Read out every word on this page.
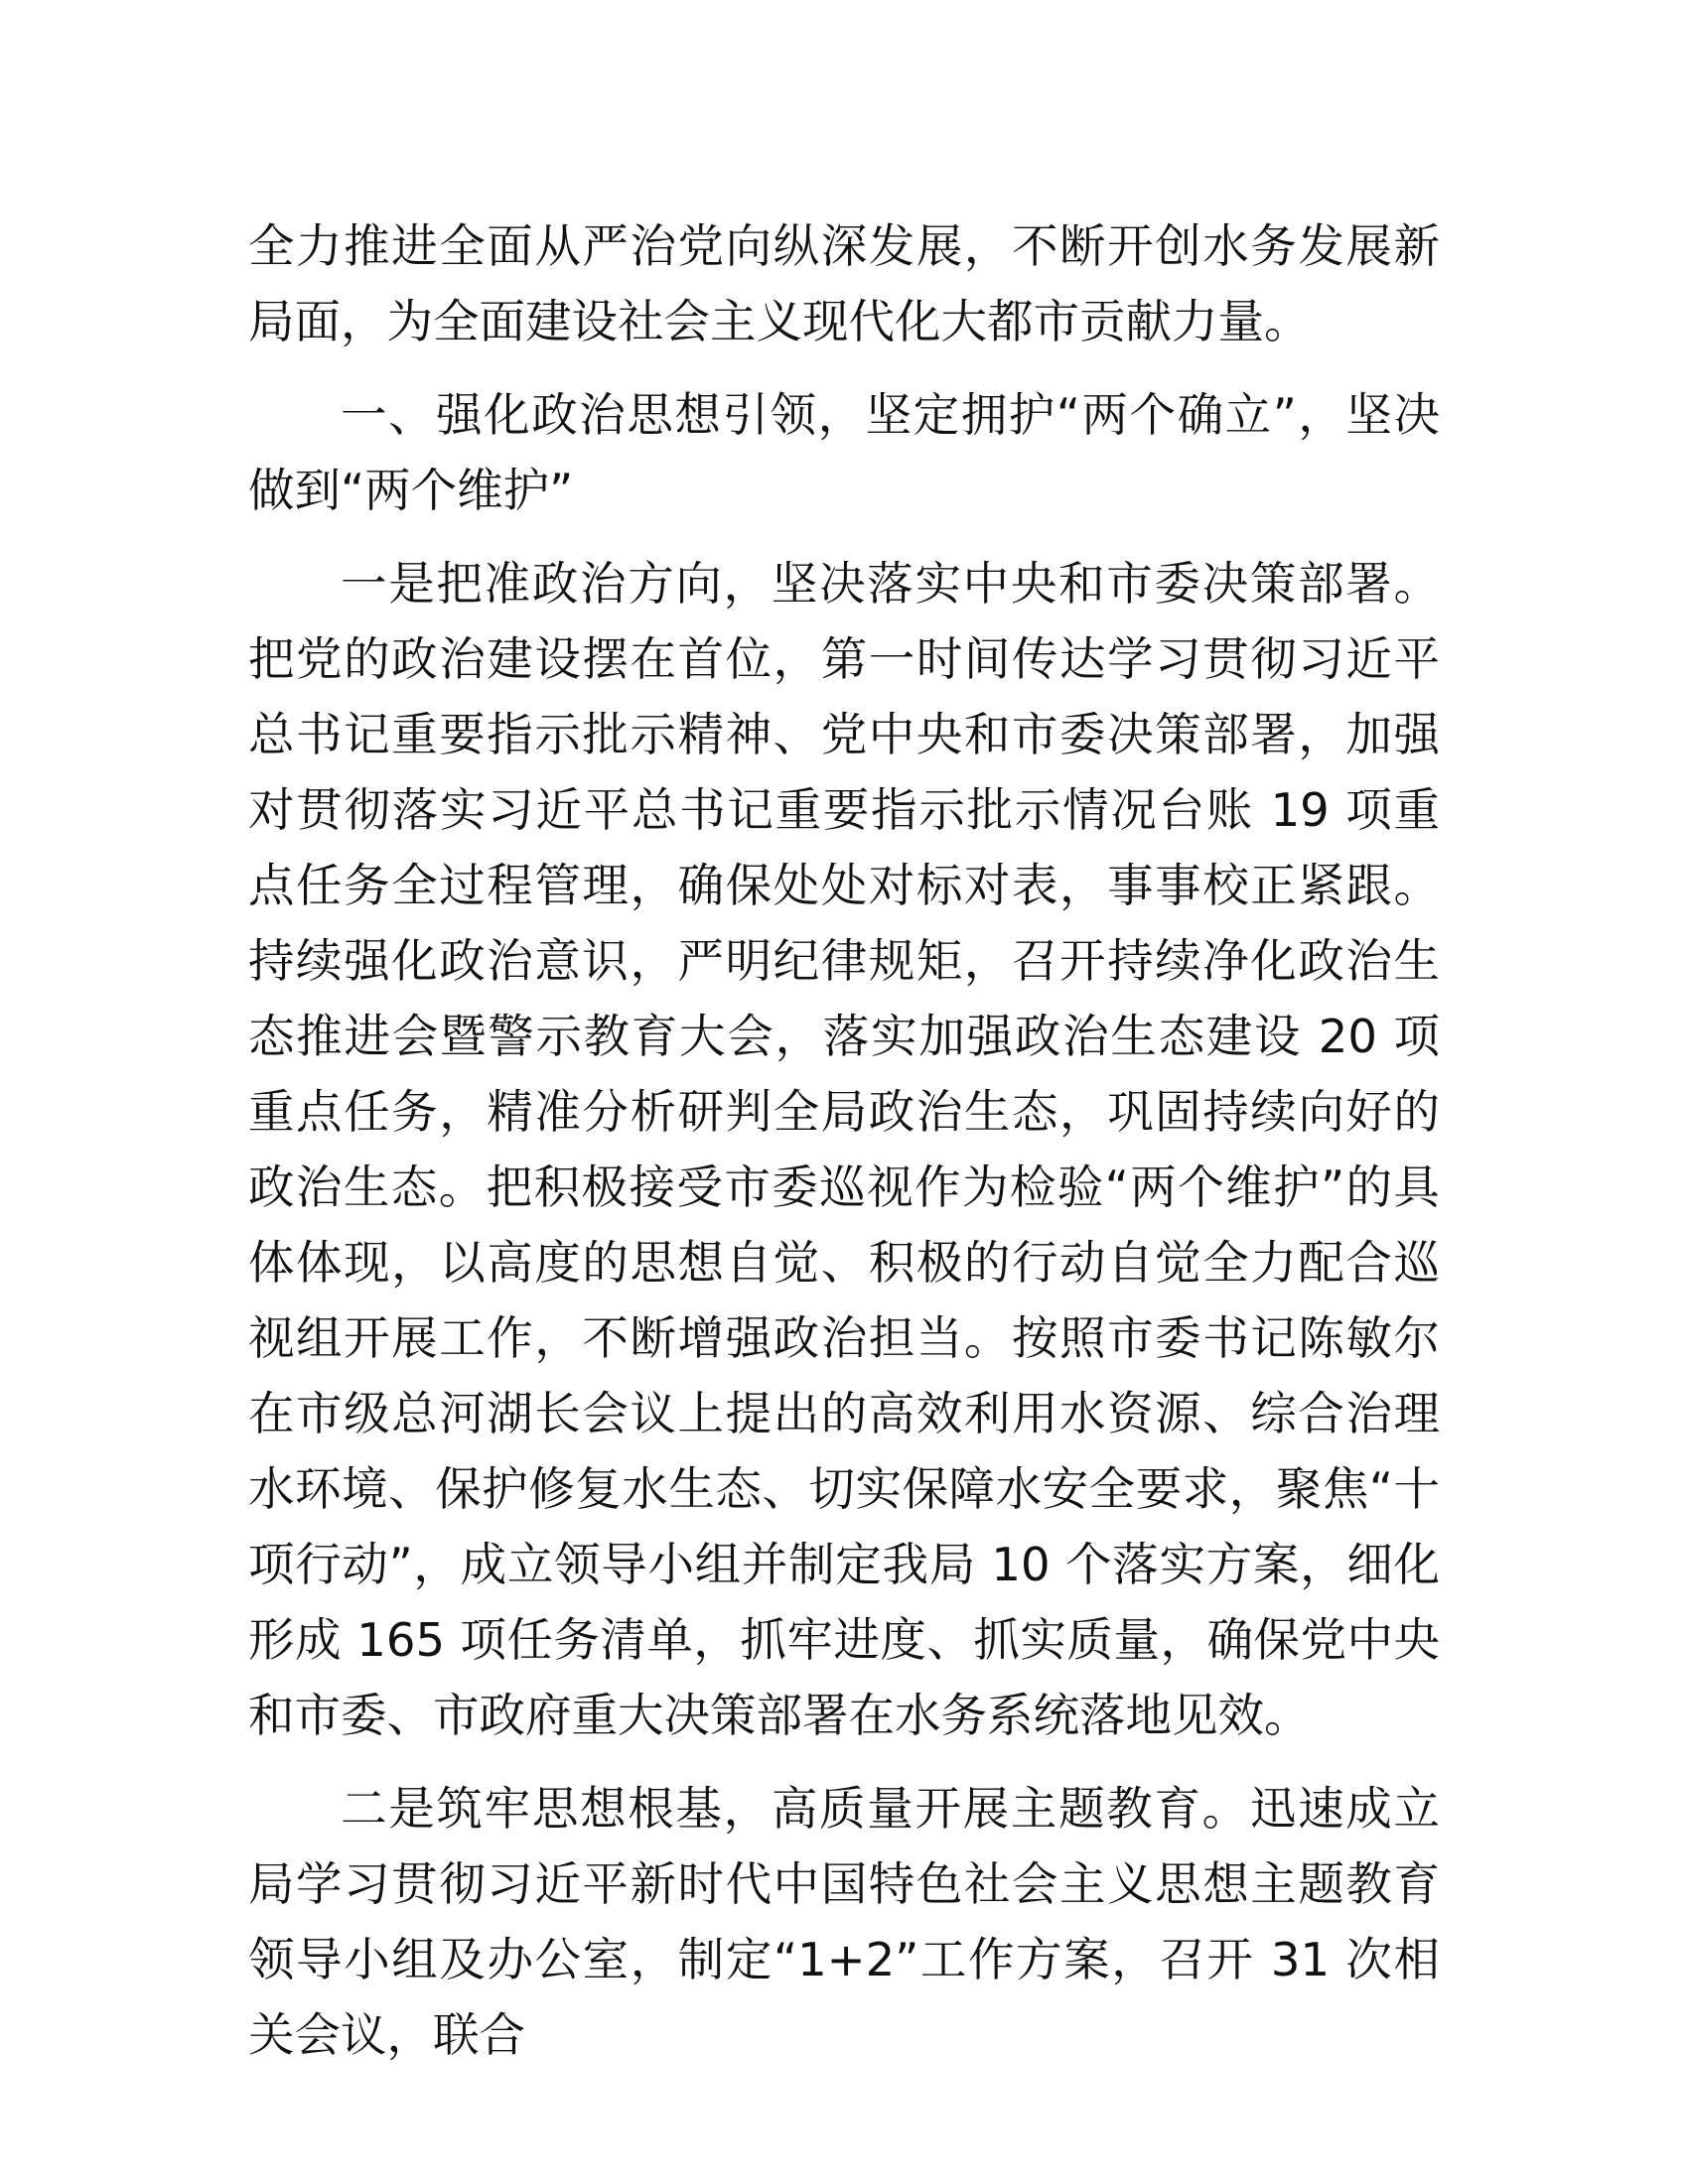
全力推进全面从严治党向纵深发展，不断开创水务发展新局面，为全面建设社会主义现代化大都市贡献力量。

一、强化政治思想引领，坚定拥护“两个确立”，坚决做到“两个维护”

一是把准政治方向，坚决落实中央和市委决策部署。把党的政治建设摆在首位，第一时间传达学习贯彻习近平总书记重要指示批示精神、党中央和市委决策部署，加强对贯彻落实习近平总书记重要指示批示情况台账 19 项重点任务全过程管理，确保处处对标对表，事事校正紧跟。持续强化政治意识，严明纪律规矩，召开持续净化政治生态推进会暨警示教育大会，落实加强政治生态建设 20 项重点任务，精准分析研判全局政治生态，巩固持续向好的政治生态。把积极接受市委巡视作为检验“两个维护”的具体体现，以高度的思想自觉、积极的行动自觉全力配合巡视组开展工作，不断增强政治担当。按照市委书记陈敏尔在市级总河湖长会议上提出的高效利用水资源、综合治理水环境、保护修复水生态、切实保障水安全要求，聚焦“十项行动”，成立领导小组并制定我局 10 个落实方案，细化形成 165 项任务清单，抓牢进度、抓实质量，确保党中央和市委、市政府重大决策部署在水务系统落地见效。

二是筑牢思想根基，高质量开展主题教育。迅速成立局学习贯彻习近平新时代中国特色社会主义思想主题教育领导小组及办公室，制定“1+2”工作方案，召开 31 次相关会议，联合
